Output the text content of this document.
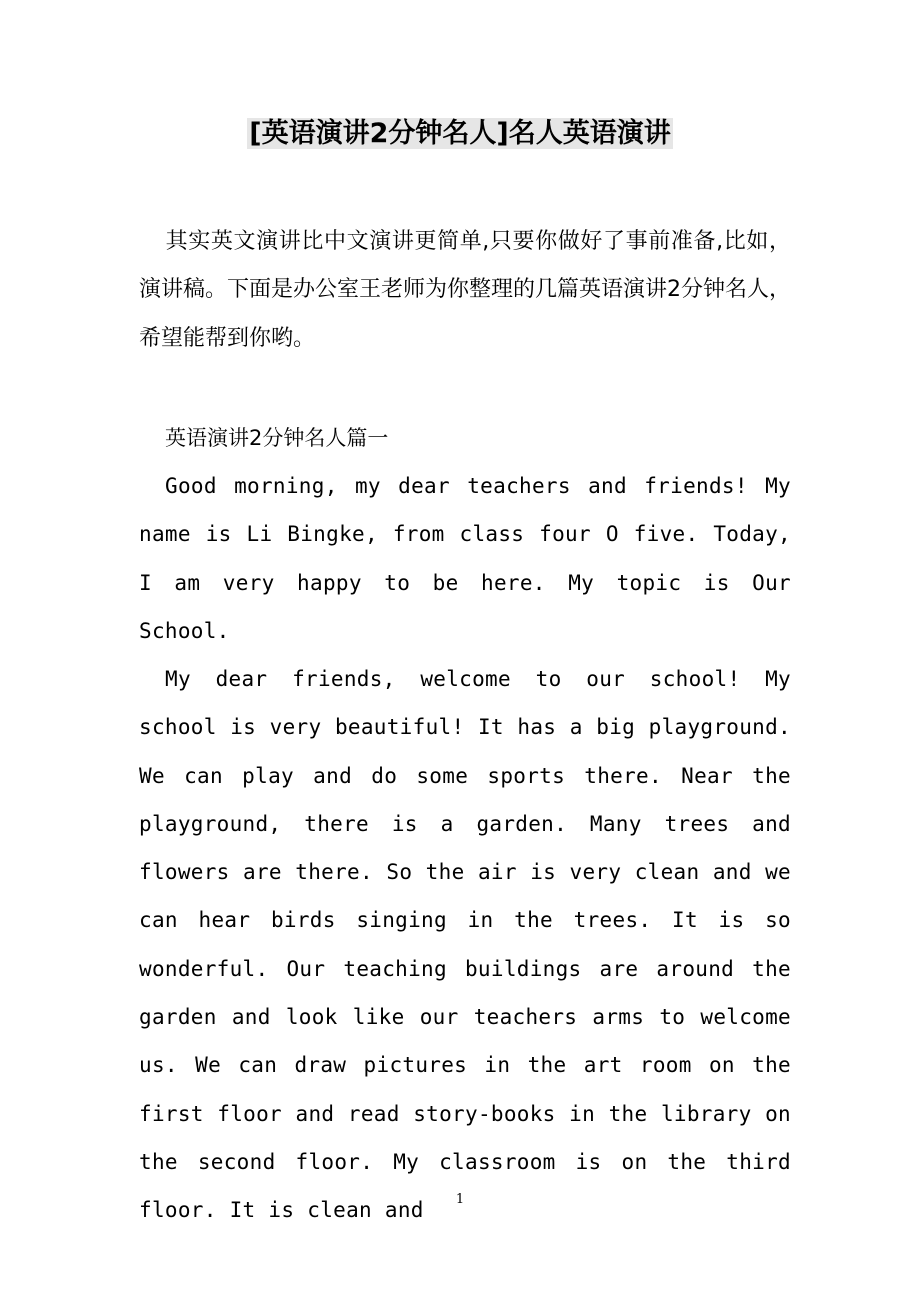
[英语演讲2分钟名人]名人英语演讲
其实英文演讲比中文演讲更简单,只要你做好了事前准备,比如，演讲稿。下面是办公室王老师为你整理的几篇英语演讲2分钟名人，希望能帮到你哟。
英语演讲2分钟名人篇一
Good morning, my dear teachers and friends! My name is Li Bingke, from class four O five. Today, I am very happy to be here. My topic is Our School.
My dear friends, welcome to our school! My school is very beautiful! It has a big playground. We can play and do some sports there. Near the playground, there is a garden. Many trees and flowers are there. So the air is very clean and we can hear birds singing in the trees. It is so wonderful. Our teaching buildings are around the garden and look like our teachers arms to welcome us. We can draw pictures in the art room on the first floor and read story-books in the library on the second floor. My classroom is on the third floor. It is clean and	1
